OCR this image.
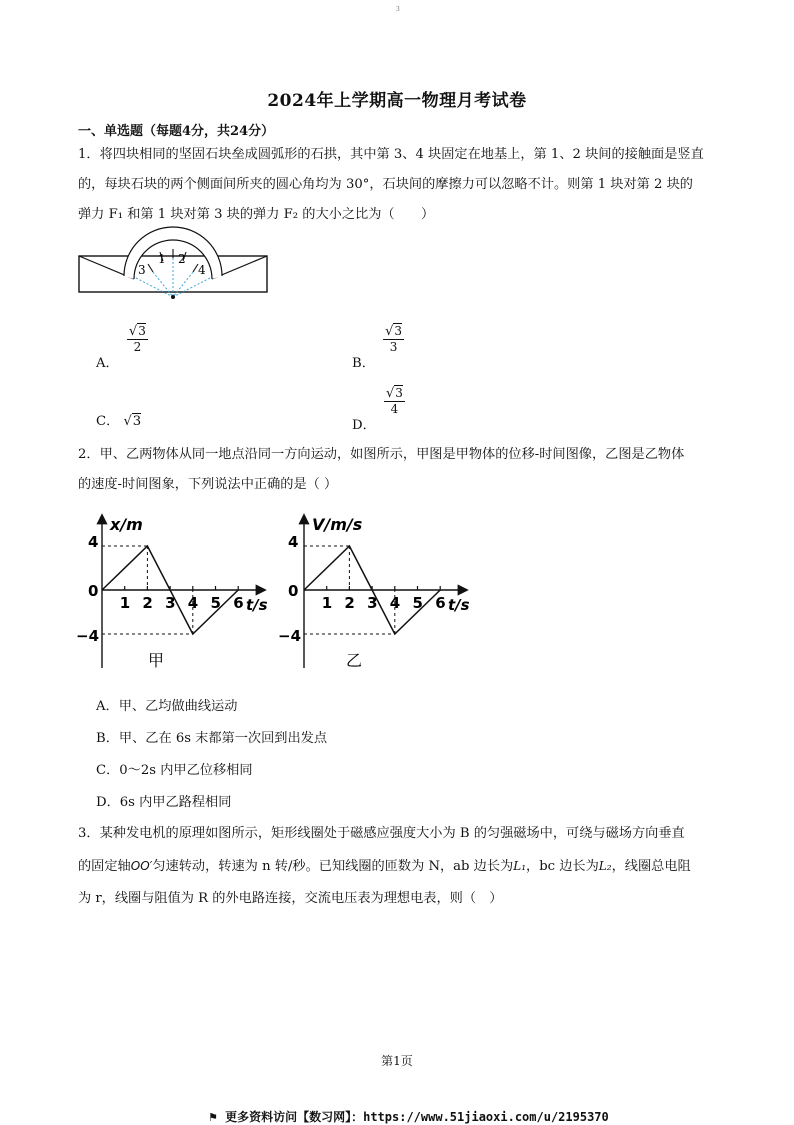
3
2024年上学期高一物理月考试卷
一、单选题（每题4分，共24分）

1．将四块相同的坚固石块垒成圆弧形的石拱，其中第 3、4 块固定在地基上，第 1、2 块间的接触面是竖直

的，每块石块的两个侧面间所夹的圆心角均为 30°，石块间的摩擦力可以忽略不计。则第 1 块对第 2 块的

弹力 F₁ 和第 1 块对第 3 块的弹力 F₂ 的大小之比为（　　）

3
1 2
4
A．
$\frac{√3}{2}$
B．
$\frac{√3}{3}$
C． √3	D．
$\frac{√3}{4}$

2．甲、乙两物体从同一地点沿同一方向运动，如图所示，甲图是甲物体的位移-时间图像，乙图是乙物体

的速度-时间图象，下列说法中正确的是（ ）

1 2 3 4 5 6
x/m
t/s
4
0
−4
甲
1 2 3 4 5 6
V/m/s
t/s
4
0
−4
乙
A．甲、乙均做曲线运动
B．甲、乙在 6s 末都第一次回到出发点
C．0～2s 内甲乙位移相同
D．6s 内甲乙路程相同

3．某种发电机的原理如图所示，矩形线圈处于磁感应强度大小为 B 的匀强磁场中，可绕与磁场方向垂直

的固定轴OO′匀速转动，转速为 n 转/秒。已知线圈的匝数为 N，ab 边长为L₁，bc 边长为L₂，线圈总电阻

为 r，线圈与阻值为 R 的外电路连接，交流电压表为理想电表，则（　）

第1页
⚑ 更多资料访问【数习网】：https://www.51jiaoxi.com/u/2195370
